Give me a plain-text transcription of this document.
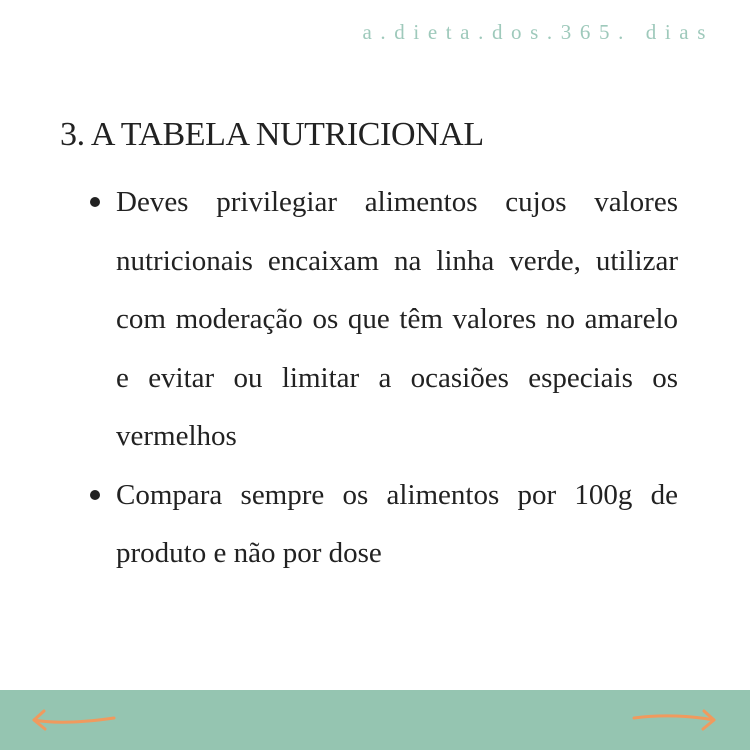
a.dieta.dos.365. dias
3. A TABELA NUTRICIONAL
Deves privilegiar alimentos cujos valores nutricionais encaixam na linha verde, utilizar com moderação os que têm valores no amarelo e evitar ou limitar a ocasiões especiais os vermelhos
Compara sempre os alimentos por 100g de produto e não por dose
